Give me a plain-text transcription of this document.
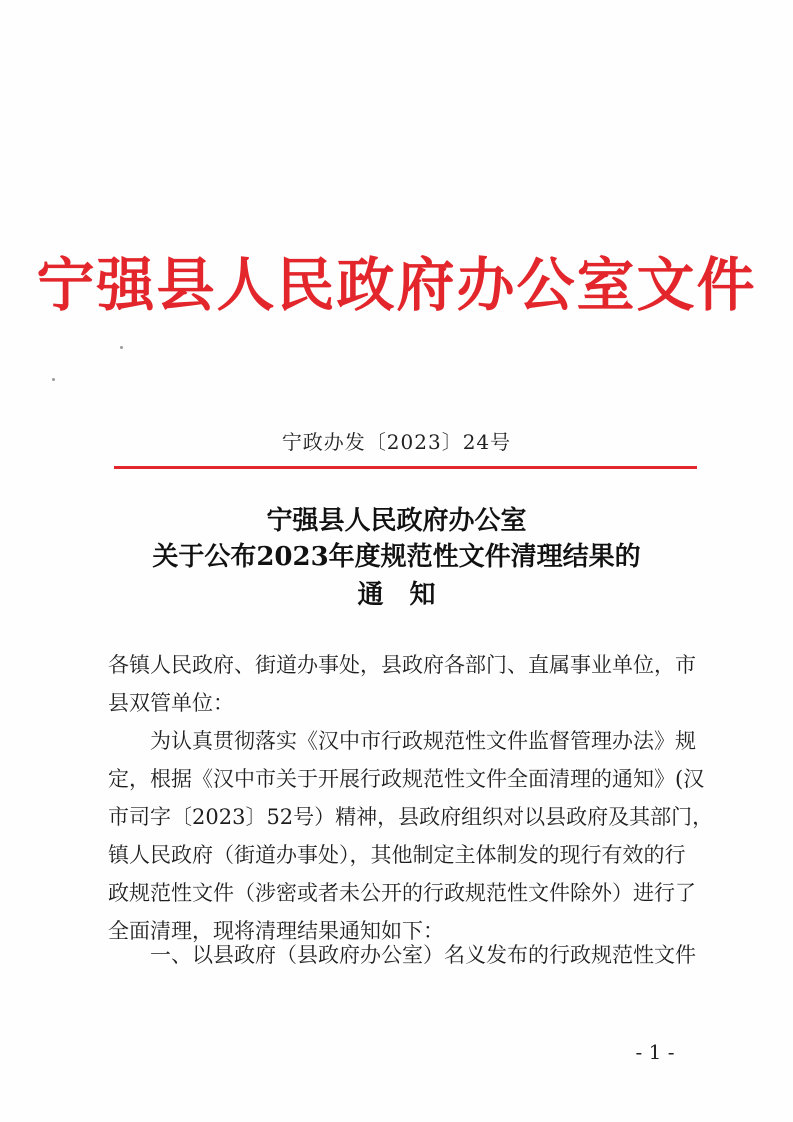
宁强县人民政府办公室文件
宁政办发〔2023〕24号
宁强县人民政府办公室
关于公布2023年度规范性文件清理结果的
通知
各镇人民政府、街道办事处，县政府各部门、直属事业单位，市
县双管单位：
为认真贯彻落实《汉中市行政规范性文件监督管理办法》规
定，根据《汉中市关于开展行政规范性文件全面清理的通知》(汉
市司字〔2023〕52号）精神，县政府组织对以县政府及其部门，
镇人民政府（街道办事处），其他制定主体制发的现行有效的行
政规范性文件（涉密或者未公开的行政规范性文件除外）进行了
全面清理，现将清理结果通知如下：
一、以县政府（县政府办公室）名义发布的行政规范性文件
- 1 -
